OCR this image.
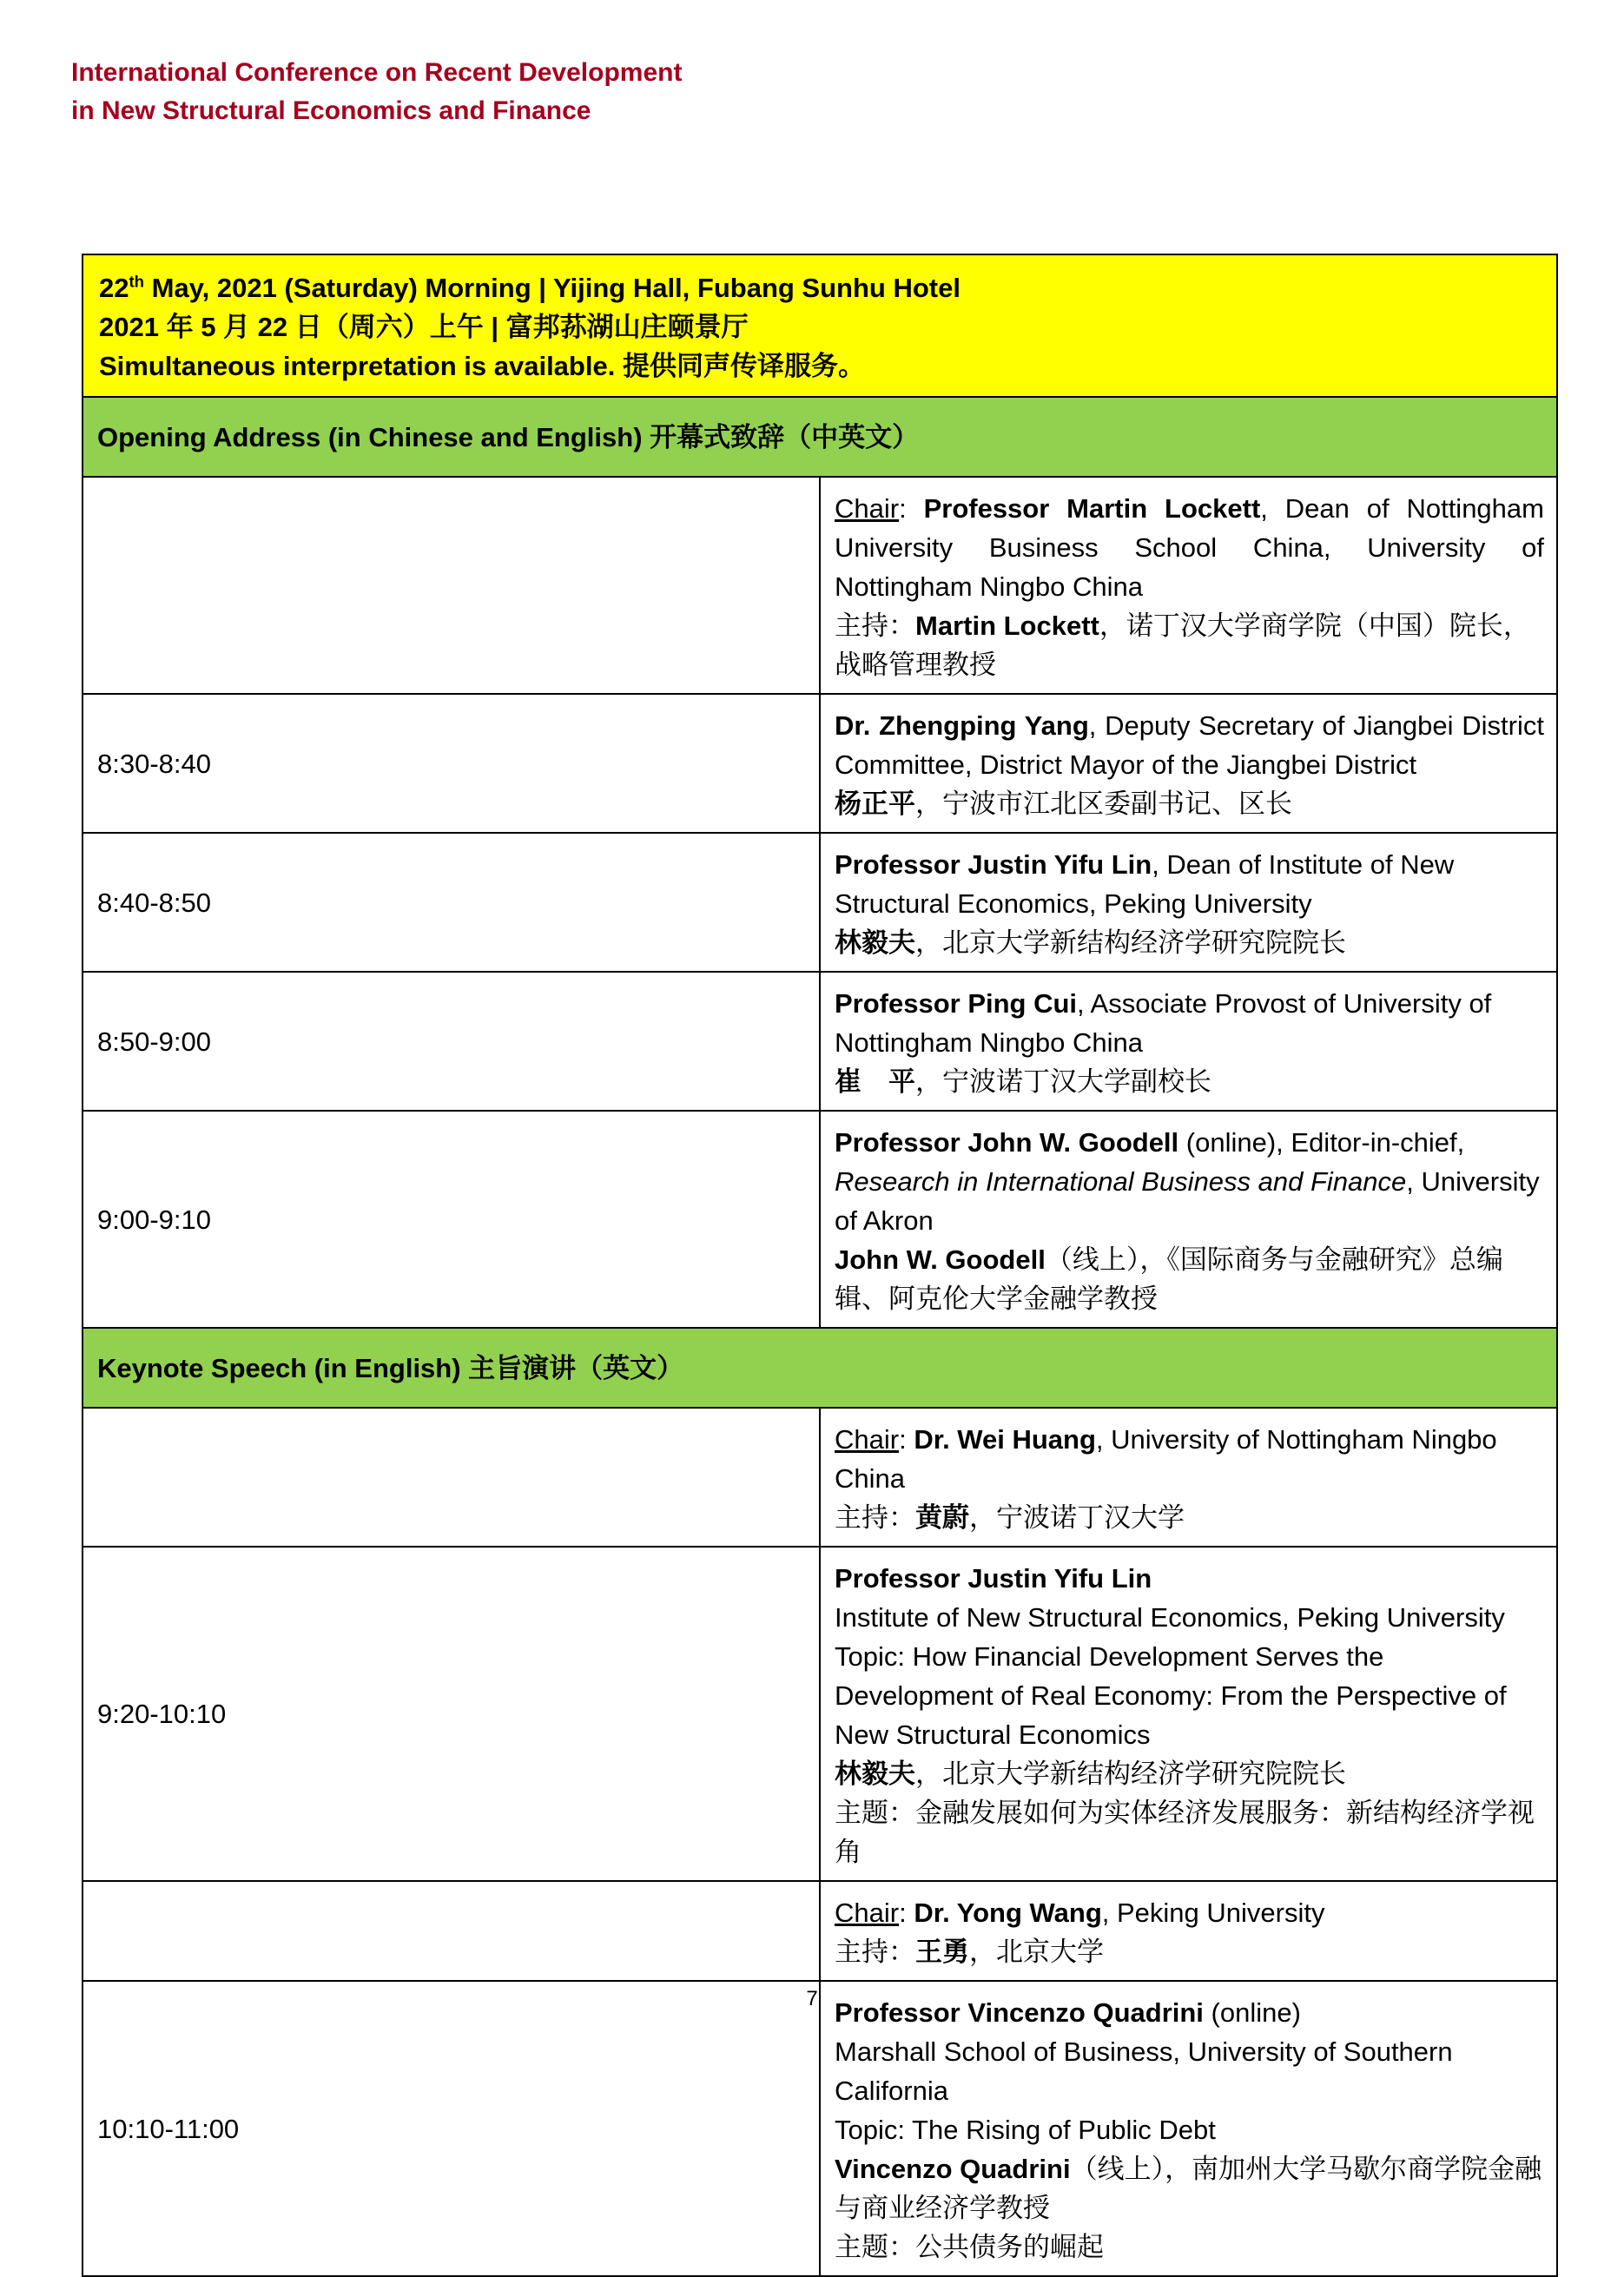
International Conference on Recent Development
in New Structural Economics and Finance
22th May, 2021 (Saturday) Morning | Yijing Hall, Fubang Sunhu Hotel
2021 年 5 月 22 日（周六）上午 | 富邦荪湖山庄颐景厅
Simultaneous interpretation is available. 提供同声传译服务。	

Opening Address (in Chinese and English) 开幕式致辞（中英文）	

	Chair: Professor Martin Lockett, Dean of Nottingham University Business School China, University of Nottingham Ningbo China
主持：Martin Lockett，诺丁汉大学商学院（中国）院长，战略管理教授

8:30-8:40	Dr. Zhengping Yang, Deputy Secretary of Jiangbei District Committee, District Mayor of the Jiangbei District
杨正平，宁波市江北区委副书记、区长

8:40-8:50	Professor Justin Yifu Lin, Dean of Institute of New Structural Economics, Peking University
林毅夫，北京大学新结构经济学研究院院长

8:50-9:00	Professor Ping Cui, Associate Provost of University of Nottingham Ningbo China
崔　平，宁波诺丁汉大学副校长

9:00-9:10	Professor John W. Goodell (online), Editor-in-chief, Research in International Business and Finance, University of Akron
John W. Goodell（线上），《国际商务与金融研究》总编辑、阿克伦大学金融学教授

Keynote Speech (in English) 主旨演讲（英文）	

	Chair: Dr. Wei Huang, University of Nottingham Ningbo China
主持：黄蔚，宁波诺丁汉大学

9:20-10:10	Professor Justin Yifu Lin
Institute of New Structural Economics, Peking University
Topic: How Financial Development Serves the Development of Real Economy: From the Perspective of New Structural Economics
林毅夫，北京大学新结构经济学研究院院长
主题：金融发展如何为实体经济发展服务：新结构经济学视角

	Chair: Dr. Yong Wang, Peking University
主持：王勇，北京大学

10:10-11:00	Professor Vincenzo Quadrini (online)
Marshall School of Business, University of Southern California
Topic: The Rising of Public Debt
Vincenzo Quadrini（线上），南加州大学马歇尔商学院金融与商业经济学教授
主题：公共债务的崛起
7
